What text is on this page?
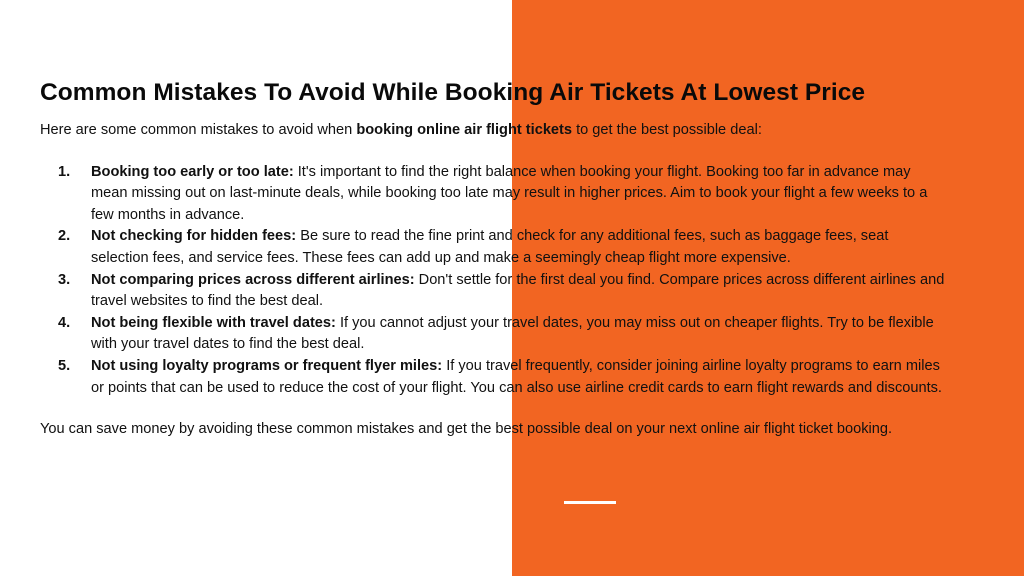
Common Mistakes To Avoid While Booking Air Tickets At Lowest Price

Here are some common mistakes to avoid when booking online air flight tickets to get the best possible deal:

1. Booking too early or too late: It's important to find the right balance when booking your flight. Booking too far in advance may mean missing out on last-minute deals, while booking too late may result in higher prices. Aim to book your flight a few weeks to a few months in advance.
2. Not checking for hidden fees: Be sure to read the fine print and check for any additional fees, such as baggage fees, seat selection fees, and service fees. These fees can add up and make a seemingly cheap flight more expensive.
3. Not comparing prices across different airlines: Don't settle for the first deal you find. Compare prices across different airlines and travel websites to find the best deal.
4. Not being flexible with travel dates: If you cannot adjust your travel dates, you may miss out on cheaper flights. Try to be flexible with your travel dates to find the best deal.
5. Not using loyalty programs or frequent flyer miles: If you travel frequently, consider joining airline loyalty programs to earn miles or points that can be used to reduce the cost of your flight. You can also use airline credit cards to earn flight rewards and discounts.

You can save money by avoiding these common mistakes and get the best possible deal on your next online air flight ticket booking.
